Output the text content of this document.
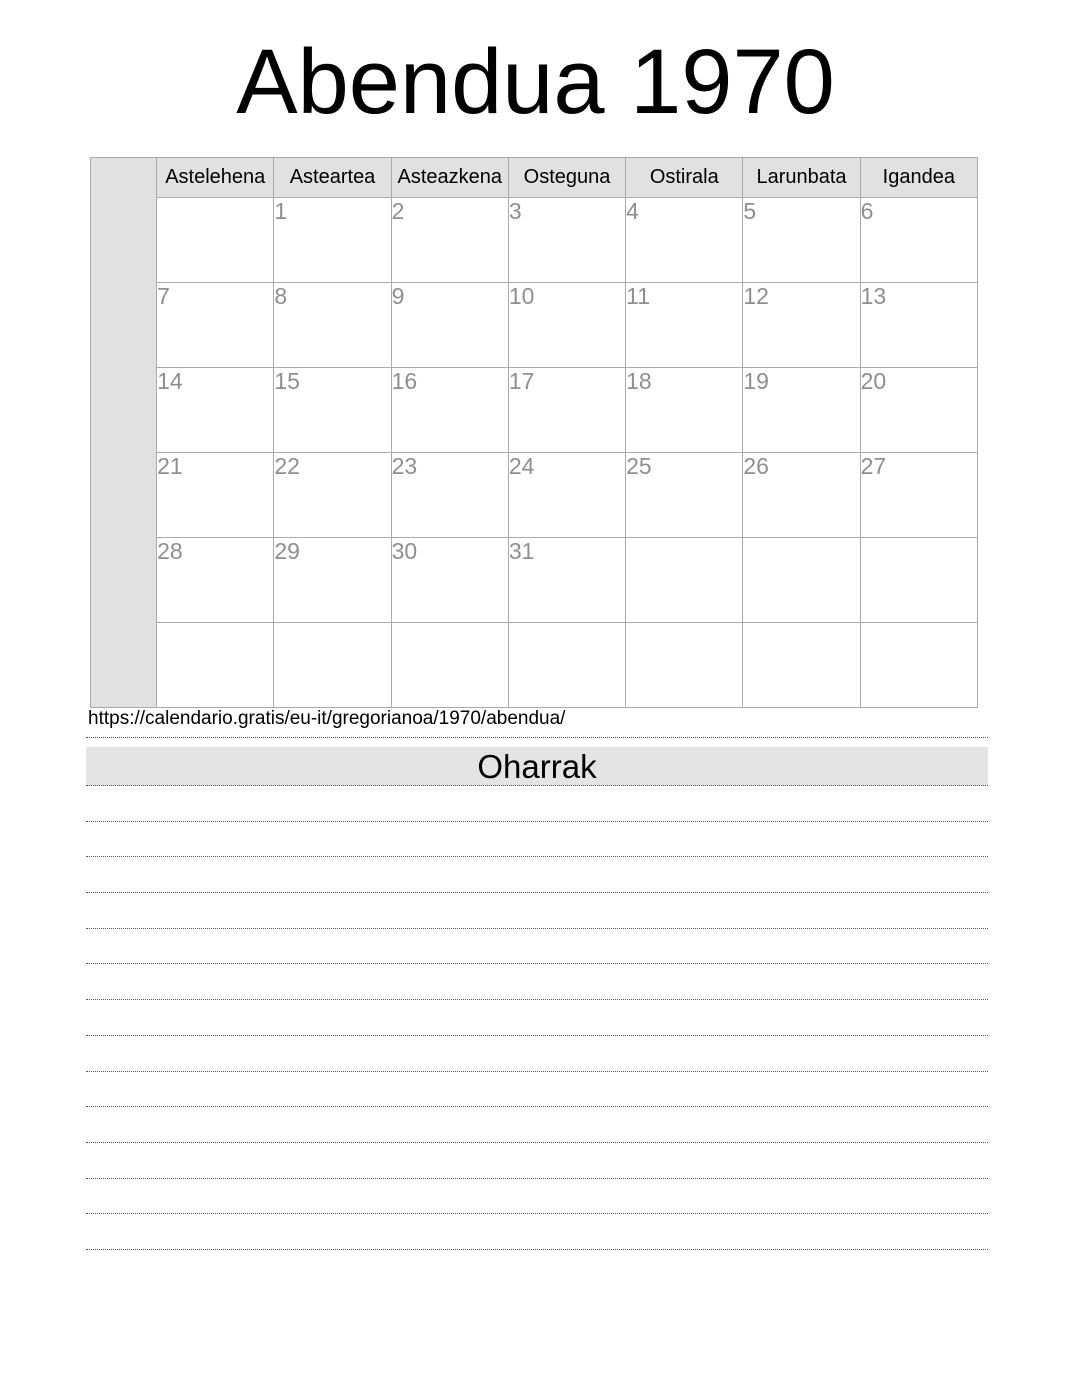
Abendua 1970
	Astelehena	Asteartea	Asteazkena	Osteguna	Ostirala	Larunbata	Igandea
		1	2	3	4	5	6
	7	8	9	10	11	12	13
	14	15	16	17	18	19	20
	21	22	23	24	25	26	27
	28	29	30	31			

https://calendario.gratis/eu-it/gregorianoa/1970/abendua/
Oharrak
